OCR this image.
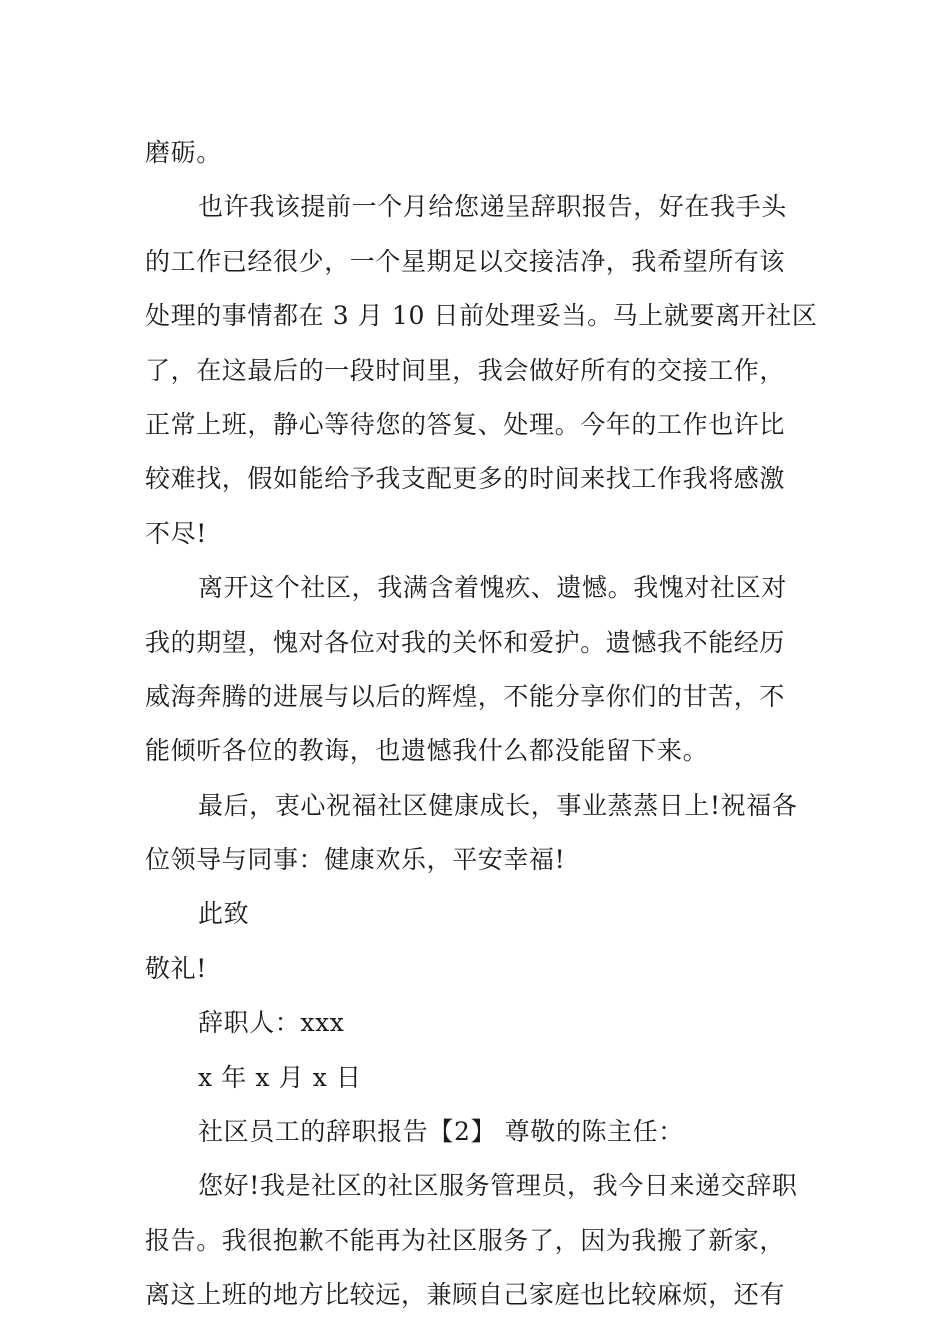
磨砺。
也许我该提前一个月给您递呈辞职报告，好在我手头
的工作已经很少，一个星期足以交接洁净，我希望所有该
处理的事情都在 3 月 10 日前处理妥当。马上就要离开社区
了，在这最后的一段时间里，我会做好所有的交接工作，
正常上班，静心等待您的答复、处理。今年的工作也许比
较难找，假如能给予我支配更多的时间来找工作我将感激
不尽!
离开这个社区，我满含着愧疚、遗憾。我愧对社区对
我的期望，愧对各位对我的关怀和爱护。遗憾我不能经历
威海奔腾的进展与以后的辉煌，不能分享你们的甘苦，不
能倾听各位的教诲，也遗憾我什么都没能留下来。
最后，衷心祝福社区健康成长，事业蒸蒸日上!祝福各
位领导与同事：健康欢乐，平安幸福!
此致
敬礼!
辞职人：xxx
x 年 x 月 x 日
社区员工的辞职报告【2】 尊敬的陈主任：
您好!我是社区的社区服务管理员，我今日来递交辞职
报告。我很抱歉不能再为社区服务了，因为我搬了新家，
离这上班的地方比较远，兼顾自己家庭也比较麻烦，还有
